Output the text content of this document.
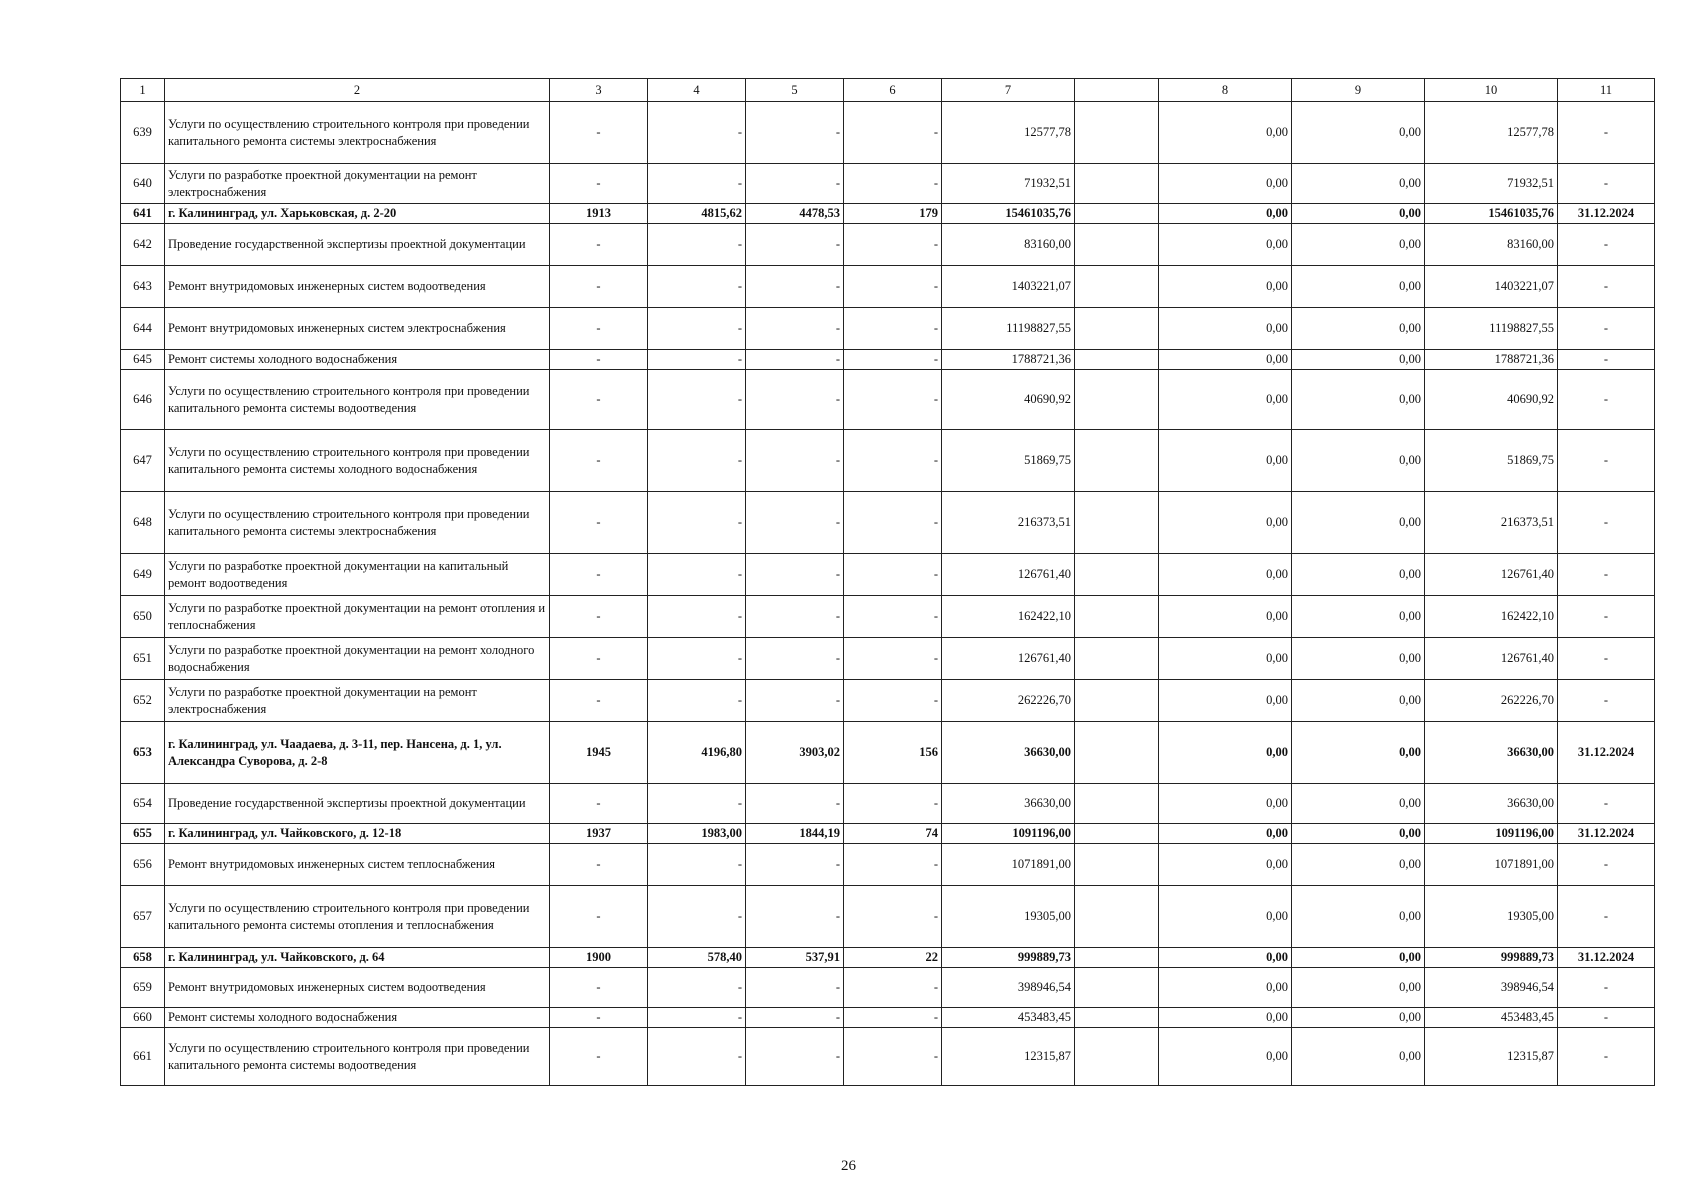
1	2	3	4	5	6	7		8	9	10	11
639	Услуги по осуществлению строительного контроля при проведении капитального ремонта системы электроснабжения	-	-	-	-	12577,78		0,00	0,00	12577,78	-
640	Услуги по разработке проектной документации на ремонт электроснабжения	-	-	-	-	71932,51		0,00	0,00	71932,51	-
641	г. Калининград, ул. Харьковская, д. 2-20	1913	4815,62	4478,53	179	15461035,76		0,00	0,00	15461035,76	31.12.2024
642	Проведение государственной экспертизы проектной документации	-	-	-	-	83160,00		0,00	0,00	83160,00	-
643	Ремонт внутридомовых инженерных систем водоотведения	-	-	-	-	1403221,07		0,00	0,00	1403221,07	-
644	Ремонт внутридомовых инженерных систем электроснабжения	-	-	-	-	11198827,55		0,00	0,00	11198827,55	-
645	Ремонт системы холодного водоснабжения	-	-	-	-	1788721,36		0,00	0,00	1788721,36	-
646	Услуги по осуществлению строительного контроля при проведении капитального ремонта системы водоотведения	-	-	-	-	40690,92		0,00	0,00	40690,92	-
647	Услуги по осуществлению строительного контроля при проведении капитального ремонта системы холодного водоснабжения	-	-	-	-	51869,75		0,00	0,00	51869,75	-
648	Услуги по осуществлению строительного контроля при проведении капитального ремонта системы электроснабжения	-	-	-	-	216373,51		0,00	0,00	216373,51	-
649	Услуги по разработке проектной документации на капитальный ремонт водоотведения	-	-	-	-	126761,40		0,00	0,00	126761,40	-
650	Услуги по разработке проектной документации на ремонт отопления и теплоснабжения	-	-	-	-	162422,10		0,00	0,00	162422,10	-
651	Услуги по разработке проектной документации на ремонт холодного водоснабжения	-	-	-	-	126761,40		0,00	0,00	126761,40	-
652	Услуги по разработке проектной документации на ремонт электроснабжения	-	-	-	-	262226,70		0,00	0,00	262226,70	-
653	г. Калининград, ул. Чаадаева, д. 3-11, пер. Нансена, д. 1, ул. Александра Суворова, д. 2-8	1945	4196,80	3903,02	156	36630,00		0,00	0,00	36630,00	31.12.2024
654	Проведение государственной экспертизы проектной документации	-	-	-	-	36630,00		0,00	0,00	36630,00	-
655	г. Калининград, ул. Чайковского, д. 12-18	1937	1983,00	1844,19	74	1091196,00		0,00	0,00	1091196,00	31.12.2024
656	Ремонт внутридомовых инженерных систем теплоснабжения	-	-	-	-	1071891,00		0,00	0,00	1071891,00	-
657	Услуги по осуществлению строительного контроля при проведении капитального ремонта системы отопления и теплоснабжения	-	-	-	-	19305,00		0,00	0,00	19305,00	-
658	г. Калининград, ул. Чайковского, д. 64	1900	578,40	537,91	22	999889,73		0,00	0,00	999889,73	31.12.2024
659	Ремонт внутридомовых инженерных систем водоотведения	-	-	-	-	398946,54		0,00	0,00	398946,54	-
660	Ремонт системы холодного водоснабжения	-	-	-	-	453483,45		0,00	0,00	453483,45	-
661	Услуги по осуществлению строительного контроля при проведении капитального ремонта системы водоотведения	-	-	-	-	12315,87		0,00	0,00	12315,87	-
26
